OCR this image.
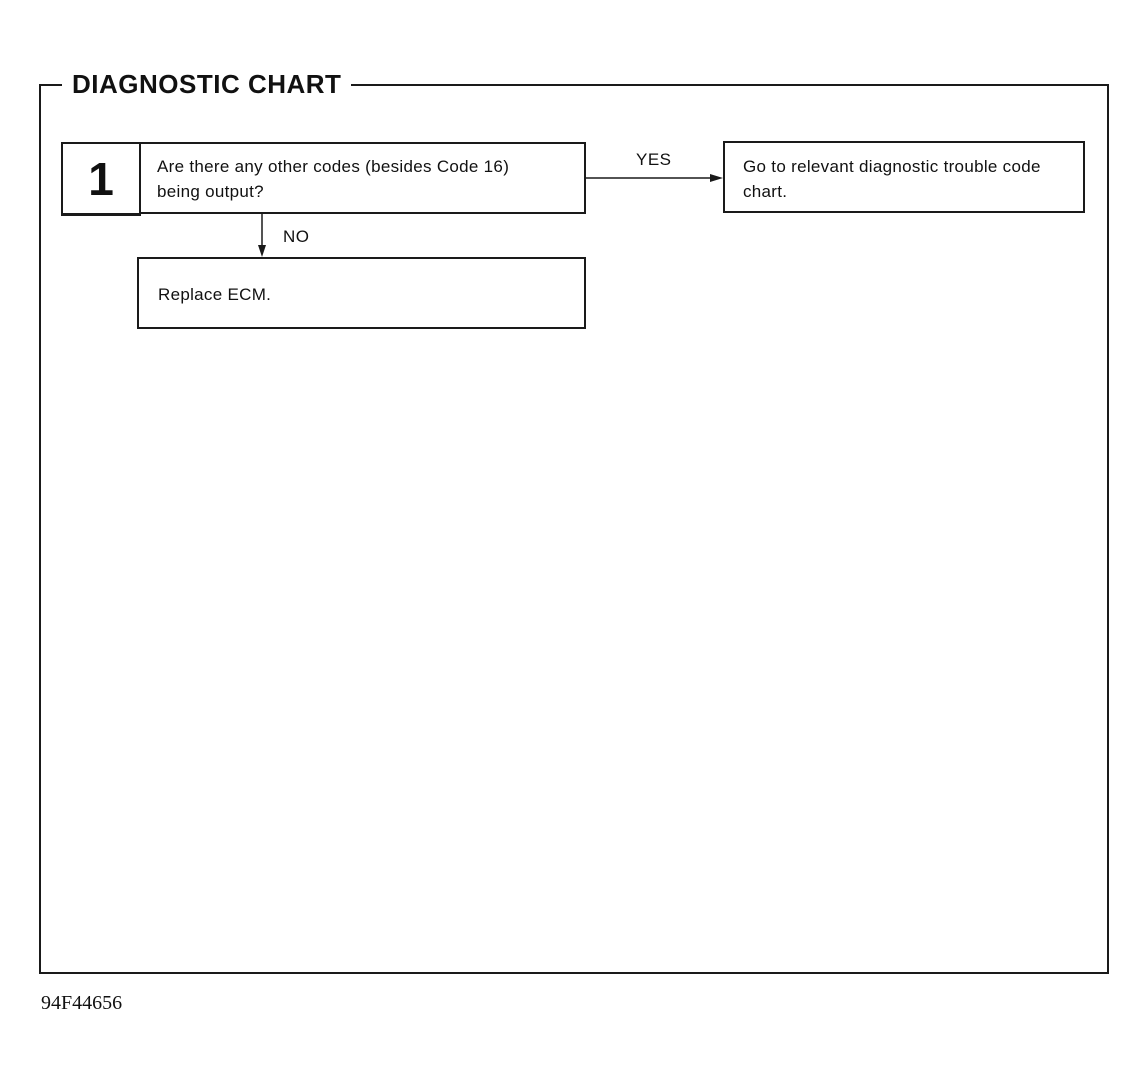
DIAGNOSTIC CHART
1	Are there any other codes (besides Code 16)
being output?
Go to relevant diagnostic trouble code
chart.
Replace ECM.
YES
NO
94F44656
